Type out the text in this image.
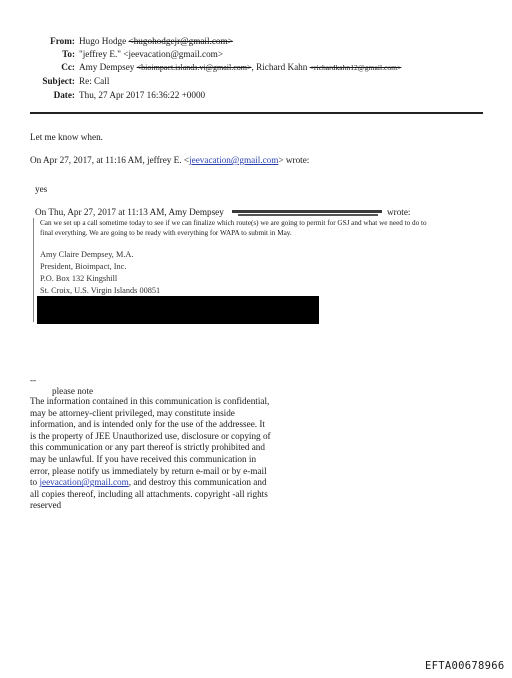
From: Hugo Hodge <hugohodgejr@gmail.com>
To: "jeffrey E." <jeevacation@gmail.com>
Cc: Amy Dempsey <bioimpact.islands.vi@gmail.com>, Richard Kahn <richardkahn12@gmail.com>
Subject: Re: Call
Date: Thu, 27 Apr 2017 16:36:22 +0000
Let me know when.
On Apr 27, 2017, at 11:16 AM, jeffrey E. <jeevacation@gmail.com> wrote:
yes
On Thu, Apr 27, 2017 at 11:13 AM, Amy Dempsey	wrote:
Can we set up a call sometime today to see if we can finalize which route(s) we are going to permit for GSJ and what we need to do to
final everything. We are going to be ready with everything for WAPA to submit in May.
Amy Claire Dempsey, M.A.
President, Bioimpact, Inc.
P.O. Box 132 Kingshill
St. Croix, U.S. Virgin Islands 00851
--
please note
The information contained in this communication is confidential, may be attorney-client privileged, may constitute inside information, and is intended only for the use of the addressee. It is the property of JEE Unauthorized use, disclosure or copying of this communication or any part thereof is strictly prohibited and may be unlawful. If you have received this communication in error, please notify us immediately by return e-mail or by e-mail to jeevacation@gmail.com, and destroy this communication and all copies thereof, including all attachments. copyright -all rights reserved
EFTA00678966
